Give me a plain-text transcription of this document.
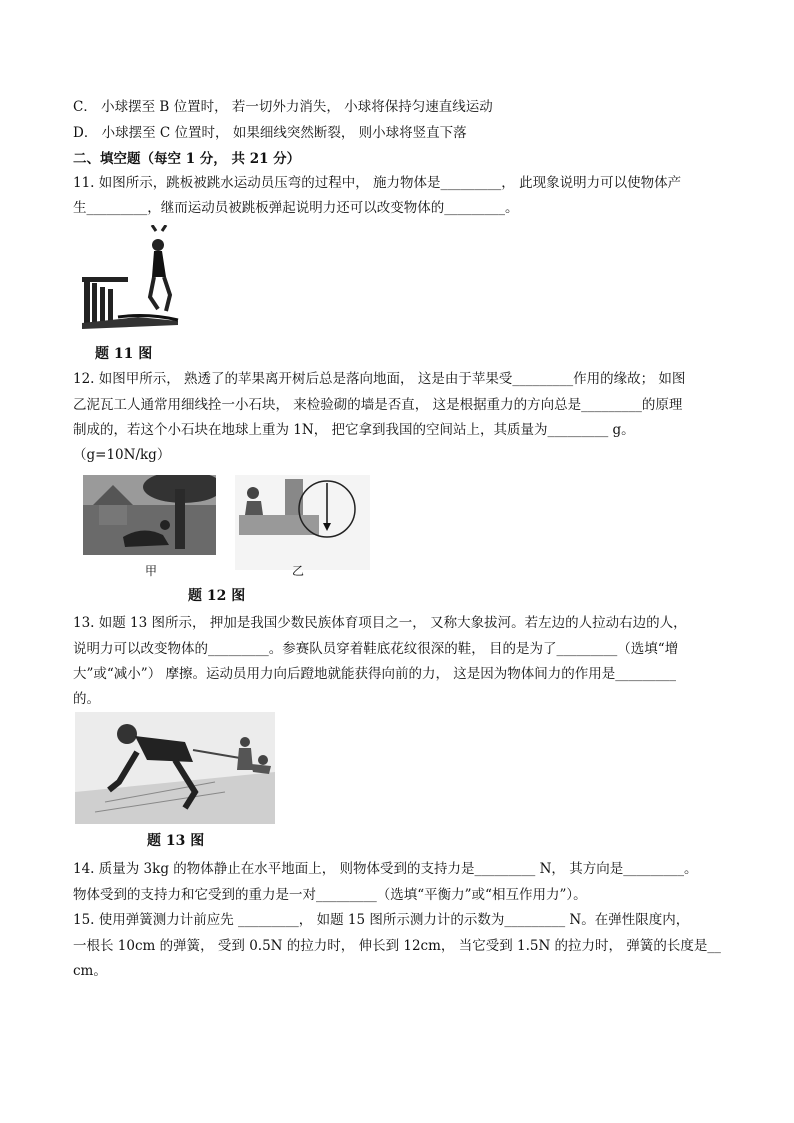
C． 小球摆至 B 位置时， 若一切外力消失， 小球将保持匀速直线运动
D． 小球摆至 C 位置时， 如果细线突然断裂， 则小球将竖直下落
二、填空题（每空 1 分， 共 21 分）
11. 如图所示，跳板被跳水运动员压弯的过程中， 施力物体是_________， 此现象说明力可以使物体产
生_________，继而运动员被跳板弹起说明力还可以改变物体的_________。
题 11 图
12. 如图甲所示， 熟透了的苹果离开树后总是落向地面， 这是由于苹果受_________作用的缘故； 如图
乙泥瓦工人通常用细线拴一小石块， 来检验砌的墙是否直， 这是根据重力的方向总是_________的原理
制成的，若这个小石块在地球上重为 1N， 把它拿到我国的空间站上，其质量为_________ g。
（g=10N/kg）
甲	乙
题 12 图
13. 如题 13 图所示， 押加是我国少数民族体育项目之一， 又称大象拔河。若左边的人拉动右边的人，
说明力可以改变物体的_________。参赛队员穿着鞋底花纹很深的鞋， 目的是为了_________（选填“增
大”或“减小”） 摩擦。运动员用力向后蹬地就能获得向前的力， 这是因为物体间力的作用是_________
的。
题 13 图
14. 质量为 3kg 的物体静止在水平地面上， 则物体受到的支持力是_________ N， 其方向是_________。
物体受到的支持力和它受到的重力是一对_________（选填“平衡力”或“相互作用力”）。
15. 使用弹簧测力计前应先 _________， 如题 15 图所示测力计的示数为_________ N。在弹性限度内，
一根长 10cm 的弹簧， 受到 0.5N 的拉力时， 伸长到 12cm， 当它受到 1.5N 的拉力时， 弹簧的长度是__
cm。
